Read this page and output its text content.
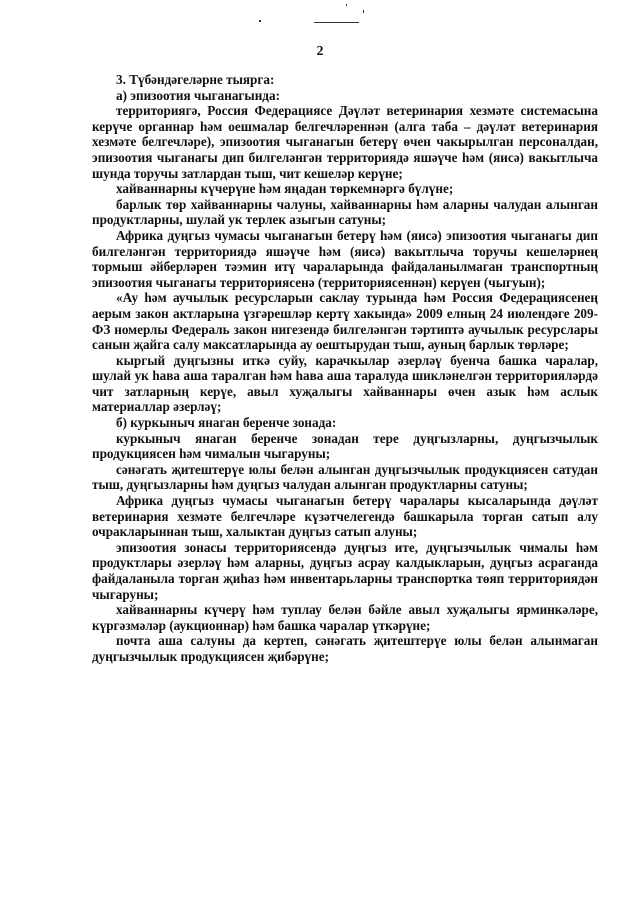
2

3. Түбәндәгеләрне тыярга:

а) эпизоотия чыганагында:

территориягә, Россия Федерациясе Дәүләт ветеринария хезмәте системасына керүче органнар һәм оешмалар белгечләреннән (алга таба – дәүләт ветеринария хезмәте белгечләре), эпизоотия чыганагын бетерү өчен чакырылган персоналдан, эпизоотия чыганагы дип билгеләнгән территориядә яшәүче һәм (яисә) вакытлыча шунда торучы затлардан тыш, чит кешеләр керүне;

хайваннарны күчерүне һәм яңадан төркемнәргә бүлүне;

барлык төр хайваннарны чалуны, хайваннарны һәм аларны чалудан алынган продуктларны, шулай ук терлек азыгын сатуны;

Африка дуңгыз чумасы чыганагын бетерү һәм (яисә) эпизоотия чыганагы дип билгеләнгән территориядә яшәүче һәм (яисә) вакытлыча торучы кешеләрнең тормыш әйберләрен тәэмин итү чараларында файдаланылмаган транспортның эпизоотия чыганагы территориясенә (территориясеннән) керүен (чыгуын);

«Ау һәм аучылык ресурсларын саклау турында һәм Россия Федерациясенең аерым закон актларына үзгәрешләр кертү хакында» 2009 елның 24 июлендәге 209-ФЗ номерлы Федераль закон нигезендә билгеләнгән тәртиптә аучылык ресурслары санын җайга салу максатларында ау оештырудан тыш, ауның барлык төрләре;

кыргый дуңгызны иткә суйу, карачкылар әзерләү буенча башка чаралар, шулай ук һава аша таралган һәм һава аша таралуда шикләнелгән территорияләрдә чит затларның керүе, авыл хуҗалыгы хайваннары өчен азык һәм аслык материаллар әзерләү;

б) куркыныч янаган беренче зонада:

куркыныч янаган беренче зонадан тере дуңгызларны, дуңгызчылык продукциясен һәм чималын чыгаруны;

сәнәгать җитештерүе юлы белән алынган дуңгызчылык продукциясен сатудан тыш, дуңгызларны һәм дуңгыз чалудан алынган продуктларны сатуны;

Африка дуңгыз чумасы чыганагын бетерү чаралары кысаларында дәүләт ветеринария хезмәте белгечләре күзәтчелегендә башкарыла торган сатып алу очракларыннан тыш, халыктан дуңгыз сатып алуны;

эпизоотия зонасы территориясендә дуңгыз ите, дуңгызчылык чималы һәм продуктлары әзерләү һәм аларны, дуңгыз асрау калдыкларын, дуңгыз асраганда файдаланыла торган җиһаз һәм инвентарьларны транспортка төяп территориядән чыгаруны;

хайваннарны күчерү һәм туплау белән бәйле авыл хуҗалыгы ярминкәләре, күргәзмәләр (аукционнар) һәм башка чаралар үткәрүне;

почта аша салуны да кертеп, сәнәгать җитештерүе юлы белән алынмаган дуңгызчылык продукциясен җибәрүне;
